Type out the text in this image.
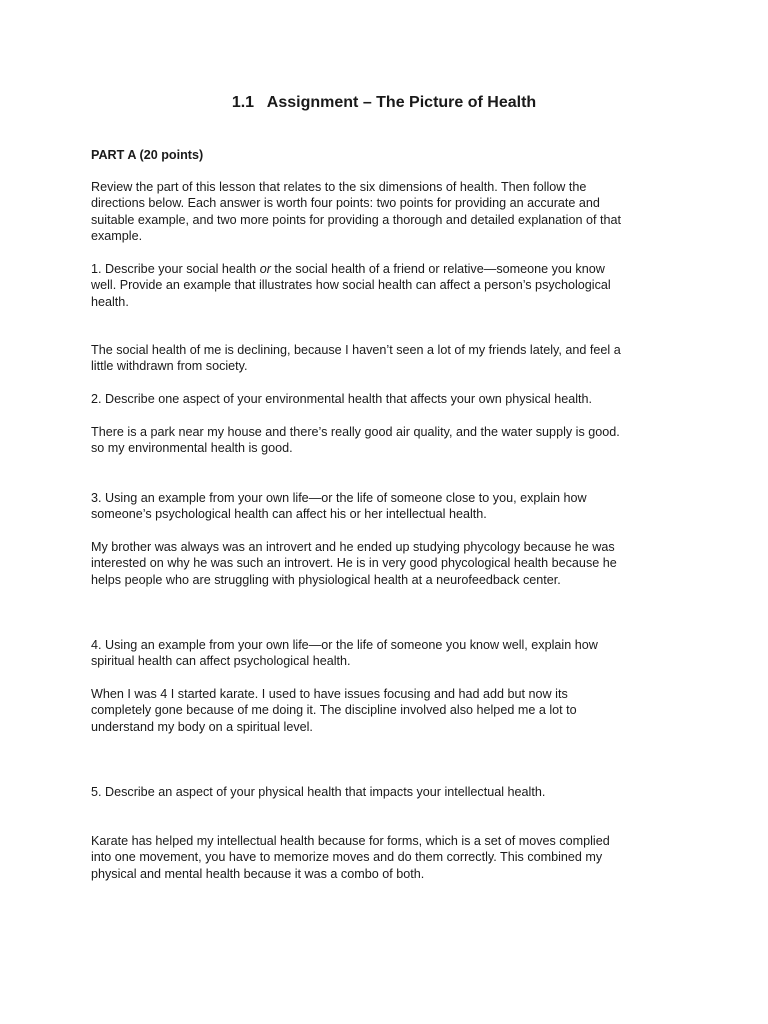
1.1   Assignment – The Picture of Health

PART A (20 points)

Review the part of this lesson that relates to the six dimensions of health. Then follow the
directions below. Each answer is worth four points: two points for providing an accurate and
suitable example, and two more points for providing a thorough and detailed explanation of that
example.

1. Describe your social health or the social health of a friend or relative—someone you know
well. Provide an example that illustrates how social health can affect a person’s psychological
health.

The social health of me is declining, because I haven’t seen a lot of my friends lately, and feel a
little withdrawn from society.

2. Describe one aspect of your environmental health that affects your own physical health.

There is a park near my house and there’s really good air quality, and the water supply is good.
so my environmental health is good.

3. Using an example from your own life—or the life of someone close to you, explain how
someone’s psychological health can affect his or her intellectual health.

My brother was always was an introvert and he ended up studying phycology because he was
interested on why he was such an introvert. He is in very good phycological health because he
helps people who are struggling with physiological health at a neurofeedback center.

4. Using an example from your own life—or the life of someone you know well, explain how
spiritual health can affect psychological health.

When I was 4 I started karate. I used to have issues focusing and had add but now its
completely gone because of me doing it. The discipline involved also helped me a lot to
understand my body on a spiritual level.

5. Describe an aspect of your physical health that impacts your intellectual health.

Karate has helped my intellectual health because for forms, which is a set of moves complied
into one movement, you have to memorize moves and do them correctly. This combined my
physical and mental health because it was a combo of both.
